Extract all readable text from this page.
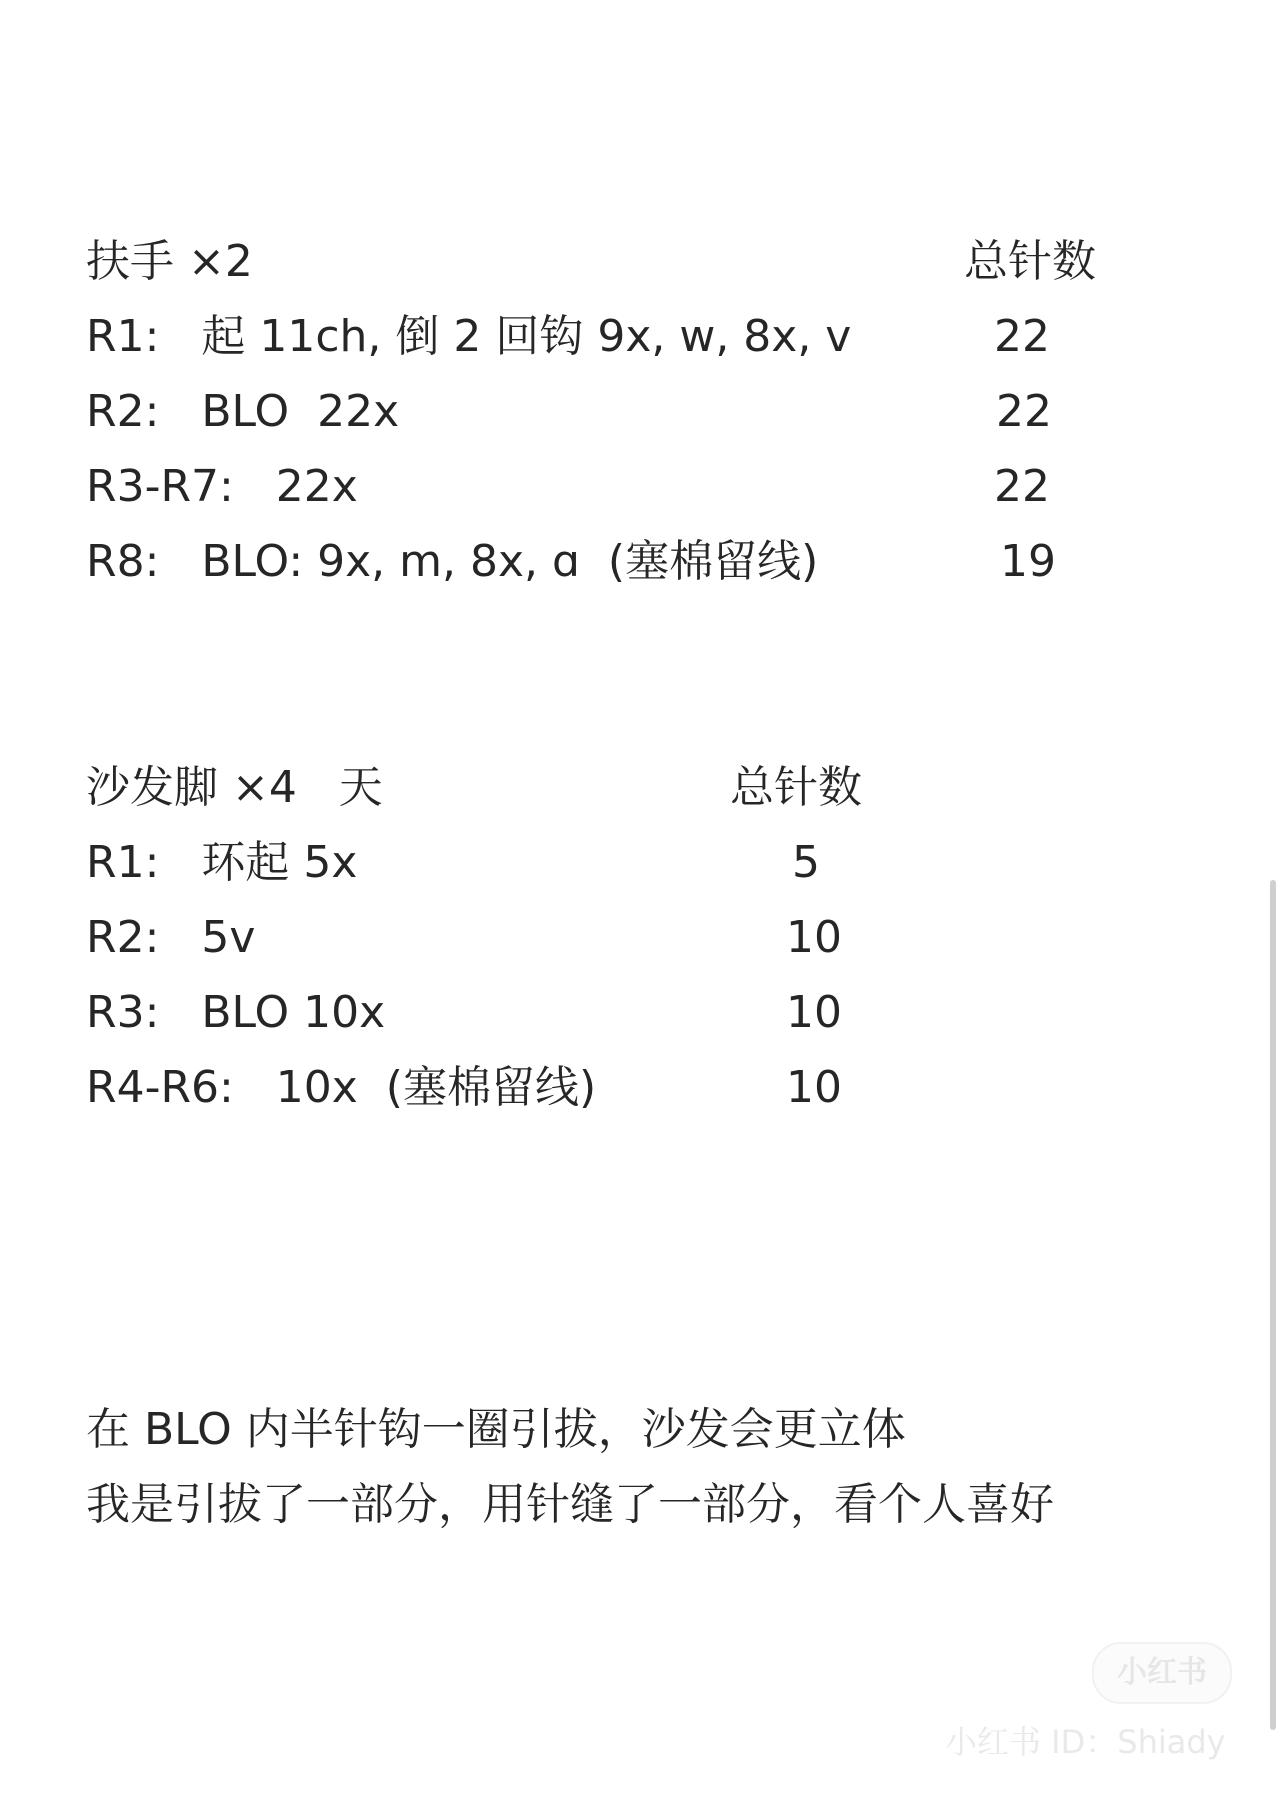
扶手 ×2	总针数
R1:   起 11ch, 倒 2 回钩 9x, w, 8x, v	22
R2:   BLO  22x	22
R3-R7:   22x	22
R8:   BLO: 9x, m, 8x, ɑ  (塞棉留线)	19
沙发脚 ×4   天	总针数
R1:   环起 5x	5
R2:   5v	10
R3:   BLO 10x	10
R4-R6:   10x  (塞棉留线)	10
在 BLO 内半针钩一圈引拔，沙发会更立体
我是引拔了一部分，用针缝了一部分，看个人喜好
小红书
小红书 ID：Shiady
